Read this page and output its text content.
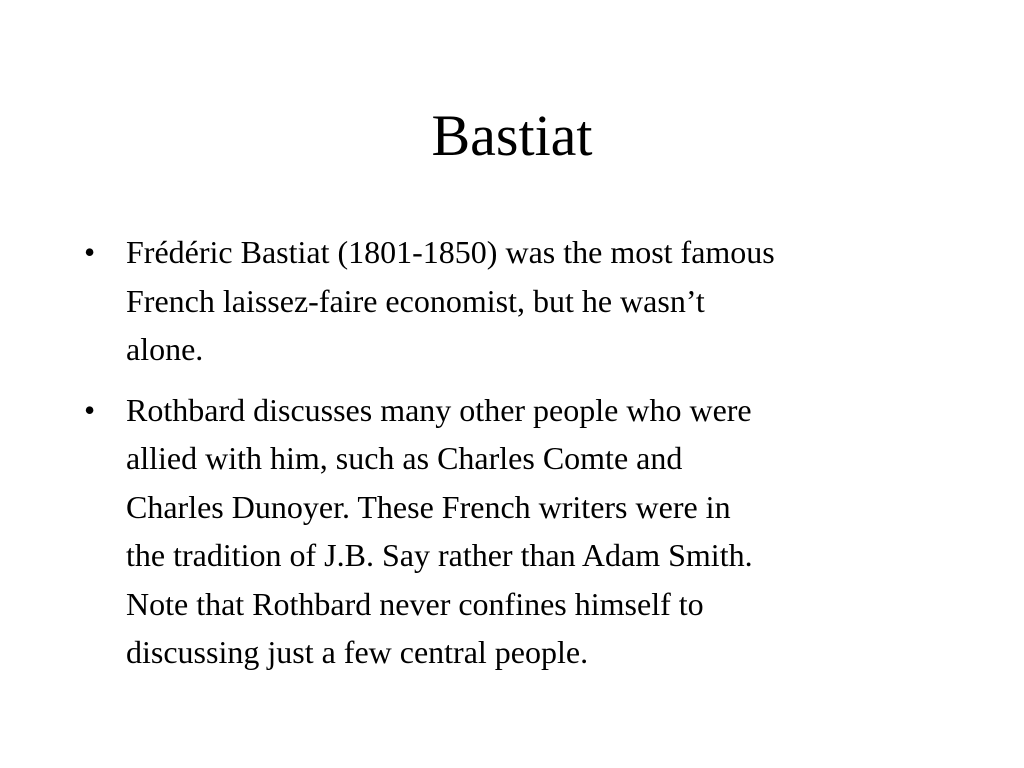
Bastiat
• Frédéric Bastiat (1801-1850) was the most famous
French laissez-faire economist, but he wasn’t
alone.
• Rothbard discusses many other people who were
allied with him, such as Charles Comte and
Charles Dunoyer. These French writers were in
the tradition of J.B. Say rather than Adam Smith.
Note that Rothbard never confines himself to
discussing just a few central people.
